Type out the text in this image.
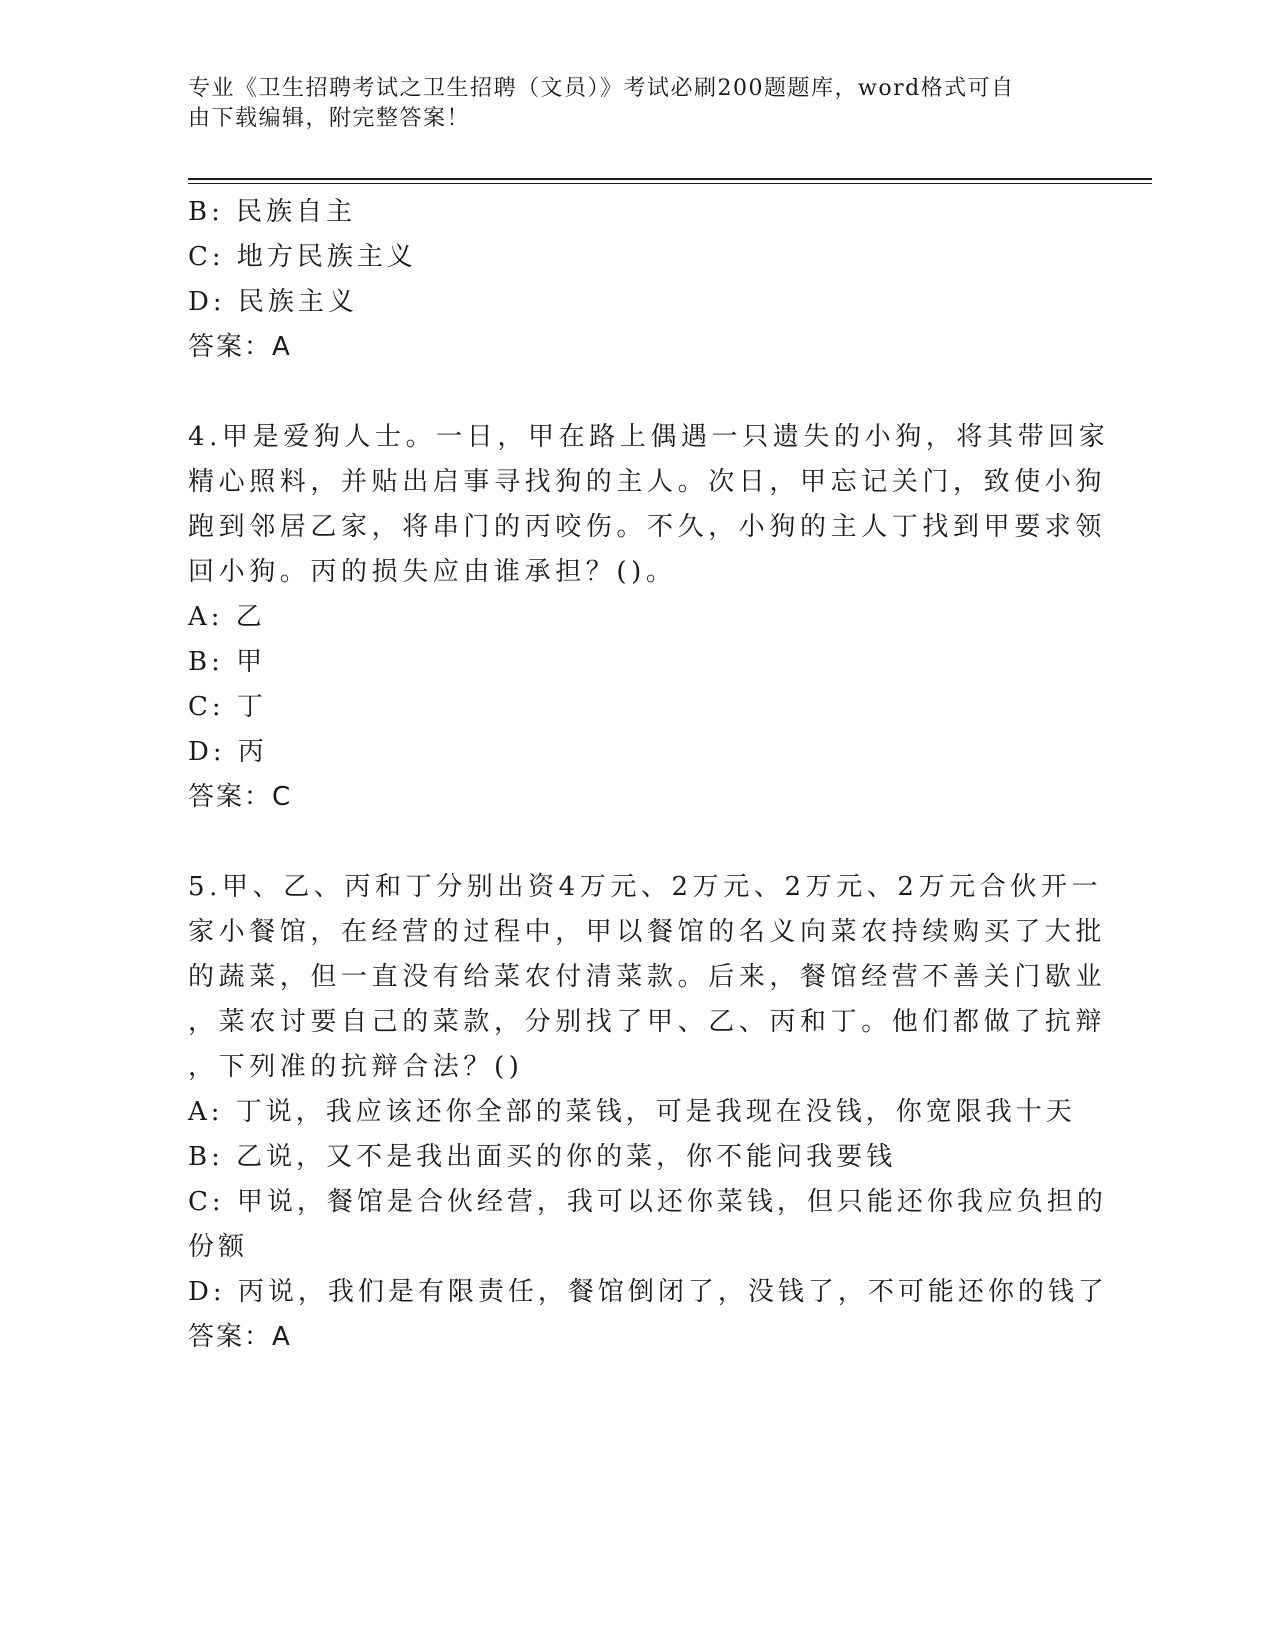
专业《卫生招聘考试之卫生招聘（文员）》考试必刷200题题库，word格式可自
由下载编辑，附完整答案！
B: 民族自主
C: 地方民族主义
D: 民族主义
答案：A
4.甲是爱狗人士。一日，甲在路上偶遇一只遗失的小狗，将其带回家
精心照料，并贴出启事寻找狗的主人。次日，甲忘记关门，致使小狗
跑到邻居乙家，将串门的丙咬伤。不久，小狗的主人丁找到甲要求领
回小狗。丙的损失应由谁承担？()。
A: 乙
B: 甲
C: 丁
D: 丙
答案：C
5.甲、乙、丙和丁分别出资4万元、2万元、2万元、2万元合伙开一
家小餐馆，在经营的过程中，甲以餐馆的名义向菜农持续购买了大批
的蔬菜，但一直没有给菜农付清菜款。后来，餐馆经营不善关门歇业
，菜农讨要自己的菜款，分别找了甲、乙、丙和丁。他们都做了抗辩
，下列准的抗辩合法？()
A: 丁说，我应该还你全部的菜钱，可是我现在没钱，你宽限我十天
B: 乙说，又不是我出面买的你的菜，你不能问我要钱
C: 甲说，餐馆是合伙经营，我可以还你菜钱，但只能还你我应负担的
份额
D: 丙说，我们是有限责任，餐馆倒闭了，没钱了，不可能还你的钱了
答案：A
